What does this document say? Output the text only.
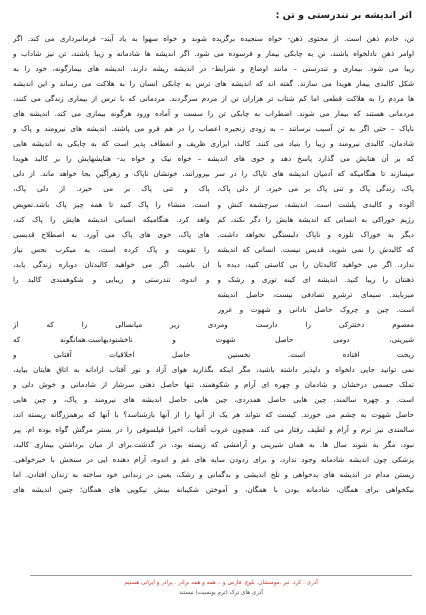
اثر اندیشه بر تندرستی و تن :
تن، خادم ذهن است. از محتوی ذهن- خواه سنجیده برگزیده شوند و خواه سهوا به یاد آیند- فرمانبرداری می کند. اگر
اوامر ذهن نادلخواه باشند، تن به چابکی بیمار و فرسوده می شود. اگر اندیشه ها شادمانه و زیبا باشند، تن نیز شاداب و
زیبا می شود. بیماری و تندرستی – مانند اوضاع و شرایط- در اندیشه ریشه دارند. اندیشه های بیمارگونه، خود را به
شکل کالبدی بیمار هویدا می سازند. گفته اند که اندیشه های ترس به چابکی انسان را به هلاکت می رساند و این اندیشه
ها مردم را به هلاکت قطعی اما کم شتاب تر هزاران تن از مردم سرگردند. مردمانی که با ترس از بیماری زندگی می کنند،
مردمانی هستند که بیمار می شوند. اضطراب به چابکی تن را سست و آماده ورود هرگونه بیماری می کند. اندیشه های
ناپاک – حتی اگر به تن آسیب نرسانند – به زودی زنجیره اعصاب را در هم فرو می پاشند. اندیشه های نیرومند و پاک و
شادمان، کالبدی نیرومند و زیبا را بنیاد می کنند. کالبد، ابزاری ظریف و انعطاف پذیر است که به چابکی به اندیشه هایی
که بر آن هنایش می گذارد پاسخ دهد و خوی های اندیشه – خواه نیک و خواه بد- هنایشهایش را بر کالبد هویدا
میسازند تا هنگامیکه که آدمیان اندیشه های ناپاک را در سر بپرورانند، خونشان ناپاک و زهرآگین بجا خواهد ماند. از دلی
پاک، زندگی پاک و تنی پاک بر می خیزد. از دلی پاک،
آلوده و کالبدی پلشت است. اندیشه، سرچشمه کنش و
رژیم خوراکی به انسانی که اندیشه هایش را دگر نکند، کم
دیگر به خوراک تلوزه و ناپاک دلبستگی نخواهد داشت.
که کالبدش را نمی شوید، قدیس نیست. انسانی که اندیشه
ندارد. اگر می خواهید کالبدتان را بی کاستی کنید، دیده با
ذهنتان را زیبا کنید. اندیشه ای کینه توزی و رشک و
میربایند. سیمای ترشرو تصادفی نیست، حاصل اندیشه
است. چین و چروک حاصل نادانی و شهوت و غرور
پاک و تنی پاک بر می خیزد. از دلی پاک،
است. منشاء را پاک کنید تا همه چیز پاک باشد.تعویض
واهد کرد. هنگامیکه انسانی اندیشه هایش را پاک کند،
های پاک، خوی های پاک می آورد. به اصطلاح قدیسی
را تقویت و پاک کرده است، به میکرب نحس نیاز
ان باشید. اگر می خواهید کالبدتان دوباره زندگی یابد،
و اندوه، تندرستی و زیبایی و شکوهمندی کالبد را
معصوم دختترکی را دارست ومردی زیر میانسالی را که از
شیرینی، دومی حاصل شهوت و ناخشنودیهاست.همانگونه که
ریخت افتاده است. نخستین حاصل اخلاقیات آفتابی و
نمی توانید جایی دلخواه و دلپذیر داشته باشید، مگر اینکه بگذارید هوای آزاد و نور آفتاب ازادانه به اتاق هایتان بیاید،
تملک جسمی درخشان و شادمان و چهره ای آرام و شکوهمند، تنها حاصل ذهنی سرشار از شادمانی و خوش دلی و
است. و چهره سالمند، چین هایی حاصل همدردی، چین هایی حاصل اندیشه های نیرومند و پاک، و چین هایی
حاصل شهوت به چشم می خورند. کیست که نتواند هر یک از آنها را از آنها بازشناسد؟ با آنها که برهمزرگانه زیسته اند،
سالمندی نیز نرم و آرام و لطیف رفتار می کند. همچون غروب آفتاب. اخیرا فیلسوفی را در بستر مرگش گواه بوده ام. پیر
نبود، مگر به شوند سال ها. به همان شیرینی و آرامشی که زیسته بود، در گذشت.برای از میان برداشتن بیماری کالبد،
پزشکی چون اندیشه شادمانه وجود ندارد، و برای زدودن سایه های غم و اندوه، آرام دهنده ایی در سنجش با خیرخواهی.
زیستن مدام در اندیشه های بدخواهی و تلخ اندیشی و بدگمانی و رشک، یعنی در زندانی خود ساخته به زندان افتادن. اما
نیکخواهی برای همگان، شادمانه بودن با همگان، و آموختن شکیبانه بینش نیکویی های همگان؛ چنین اندیشه های
آذری . کرد. تبر .مومنشان. بلوچ. فارس و .. همه و همه برادر . برادر و ایرانی هستیم
آذری های ترک (ترم یونسیت) نیستند
